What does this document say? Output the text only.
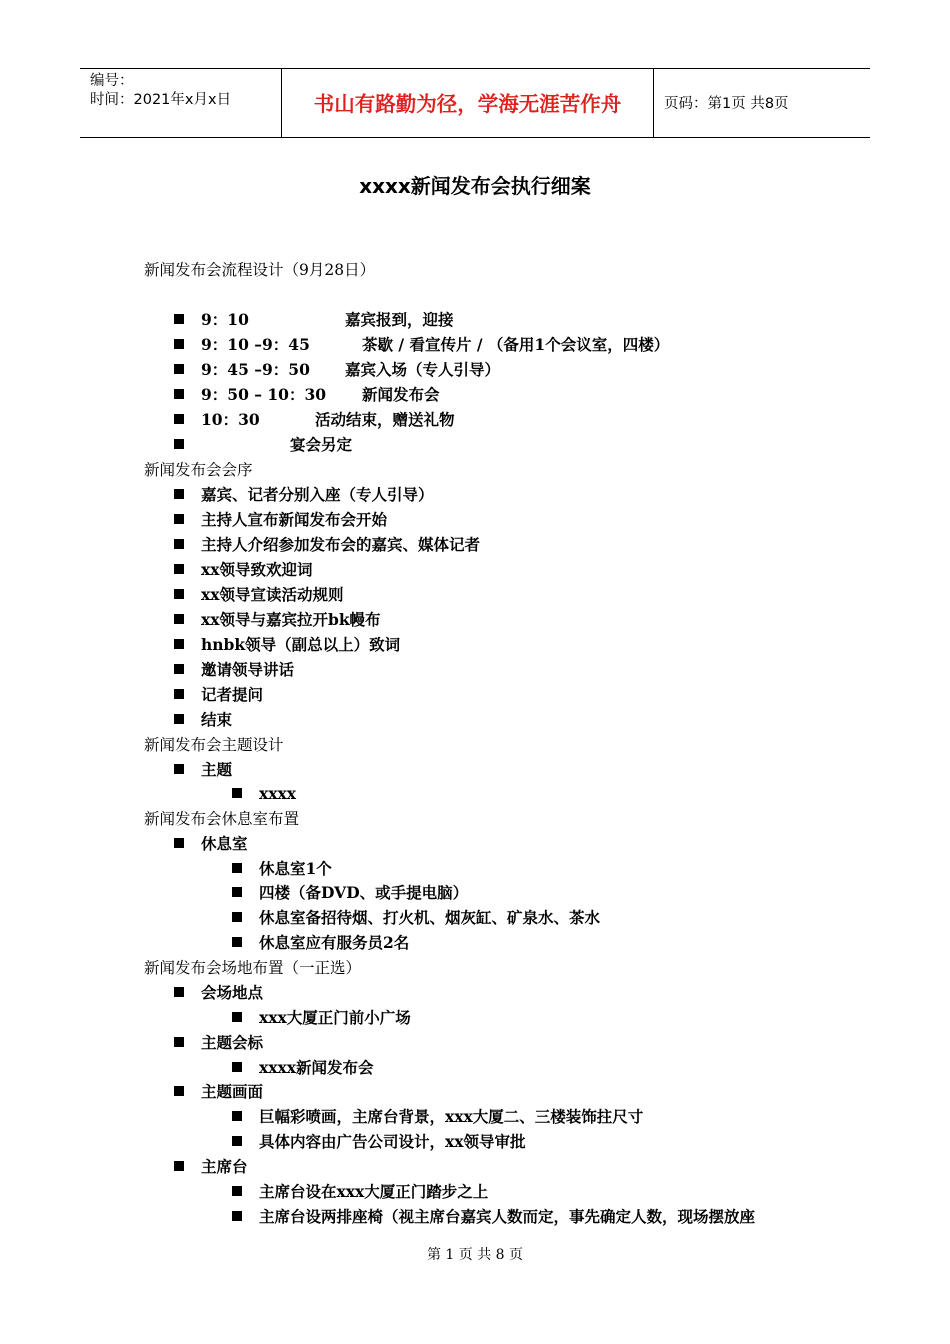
编号：
时间：2021年x月x日	书山有路勤为径，学海无涯苦作舟	页码：第1页 共8页
xxxx新闻发布会执行细案
新闻发布会流程设计（9月28日）
9：10	嘉宾报到，迎接
9：10 –9：45	茶歇 / 看宣传片 / （备用1个会议室，四楼）
9：45 –9：50 嘉宾入场（专人引导）
9：50 – 10：30 新闻发布会
10：30	活动结束，赠送礼物
宴会另定
新闻发布会会序
嘉宾、记者分别入座（专人引导）
主持人宣布新闻发布会开始
主持人介绍参加发布会的嘉宾、媒体记者
xx领导致欢迎词
xx领导宣读活动规则
xx领导与嘉宾拉开bk幔布
hnbk领导（副总以上）致词
邀请领导讲话
记者提问
结束
新闻发布会主题设计
主题
xxxx
新闻发布会休息室布置
休息室
休息室1个
四楼（备DVD、或手提电脑）
休息室备招待烟、打火机、烟灰缸、矿泉水、茶水
休息室应有服务员2名
新闻发布会场地布置（一正选）
会场地点
xxx大厦正门前小广场
主题会标
xxxx新闻发布会
主题画面
巨幅彩喷画，主席台背景，xxx大厦二、三楼装饰拄尺寸
具体内容由广告公司设计，xx领导审批
主席台
主席台设在xxx大厦正门踏步之上
主席台设两排座椅（视主席台嘉宾人数而定，事先确定人数，现场摆放座
第 1 页 共 8 页
